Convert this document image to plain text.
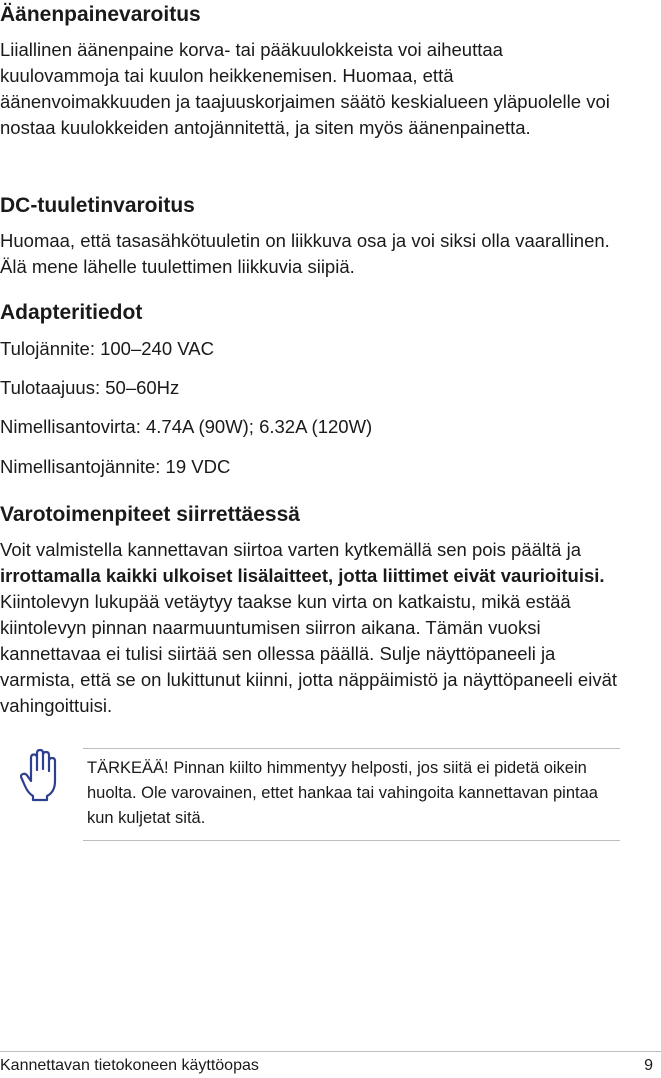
Äänenpainevaroitus

Liiallinen äänenpaine korva- tai pääkuulokkeista voi aiheuttaa kuulovammoja tai kuulon heikkenemisen. Huomaa, että äänenvoimakkuuden ja taajuuskorjaimen säätö keskialueen yläpuolelle voi nostaa kuulokkeiden antojännitettä, ja siten myös äänenpainetta.

DC-tuuletinvaroitus

Huomaa, että tasasähkötuuletin on liikkuva osa ja voi siksi olla vaarallinen. Älä mene lähelle tuulettimen liikkuvia siipiä.

Adapteritiedot

Tulojännite: 100–240 VAC

Tulotaajuus: 50–60Hz

Nimellisantovirta: 4.74A (90W); 6.32A (120W)

Nimellisantojännite: 19 VDC

Varotoimenpiteet siirrettäessä

Voit valmistella kannettavan siirtoa varten kytkemällä sen pois päältä ja irrottamalla kaikki ulkoiset lisälaitteet, jotta liittimet eivät vaurioituisi. Kiintolevyn lukupää vetäytyy taakse kun virta on katkaistu, mikä estää kiintolevyn pinnan naarmuuntumisen siirron aikana. Tämän vuoksi kannettavaa ei tulisi siirtää sen ollessa päällä. Sulje näyttöpaneeli ja varmista, että se on lukittunut kiinni, jotta näppäimistö ja näyttöpaneeli eivät vahingoittuisi.

TÄRKEÄÄ! Pinnan kiilto himmentyy helposti, jos siitä ei pidetä oikein huolta. Ole varovainen, ettet hankaa tai vahingoita kannettavan pintaa kun kuljetat sitä.

Kannettavan tietokoneen käyttöopas	9
